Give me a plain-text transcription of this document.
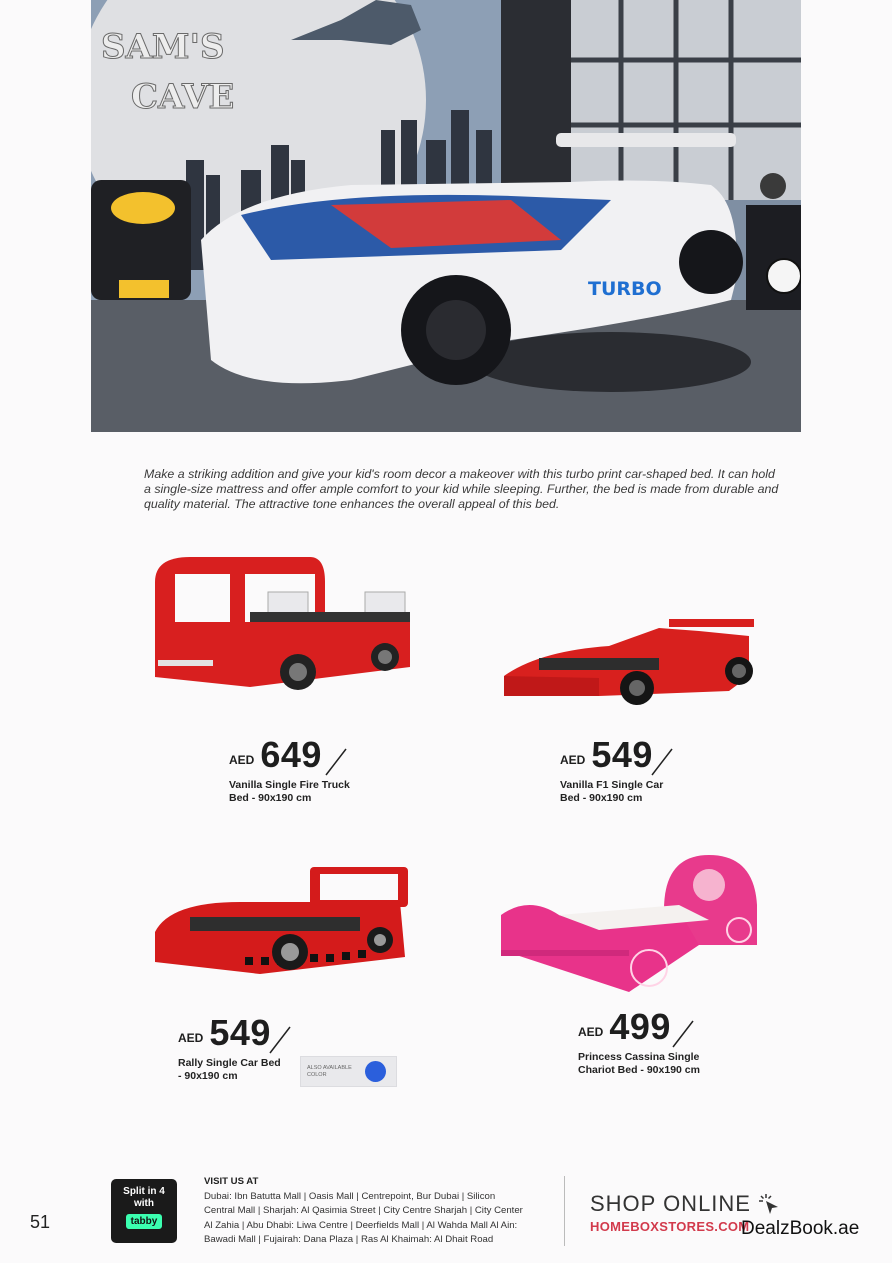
SAM'S
CAVE
TURBO

Make a striking addition and give your kid's room decor a makeover with this turbo print car-shaped bed. It can hold a single-size mattress and offer ample comfort to your kid while sleeping. Further, the bed is made from durable and quality material. The attractive tone enhances the overall appeal of this bed.

AED 649
Vanilla Single Fire Truck
Bed - 90x190 cm
AED 549
Vanilla F1 Single Car
Bed - 90x190 cm
AED 549
Rally Single Car Bed
- 90x190 cm
ALSO AVAILABLE
COLOR
AED 499
Princess Cassina Single
Chariot Bed - 90x190 cm
51
Split in 4
with
tabby
VISIT US AT
Dubai: Ibn Batutta Mall | Oasis Mall | Centrepoint, Bur Dubai | Silicon
Central Mall | Sharjah: Al Qasimia Street | City Centre Sharjah | City Center
Al Zahia | Abu Dhabi: Liwa Centre | Deerfields Mall | Al Wahda Mall Al Ain:
Bawadi Mall | Fujairah: Dana Plaza | Ras Al Khaimah: Al Dhait Road
SHOP ONLINE
HOMEBOXSTORES.COM
DealzBook.ae
